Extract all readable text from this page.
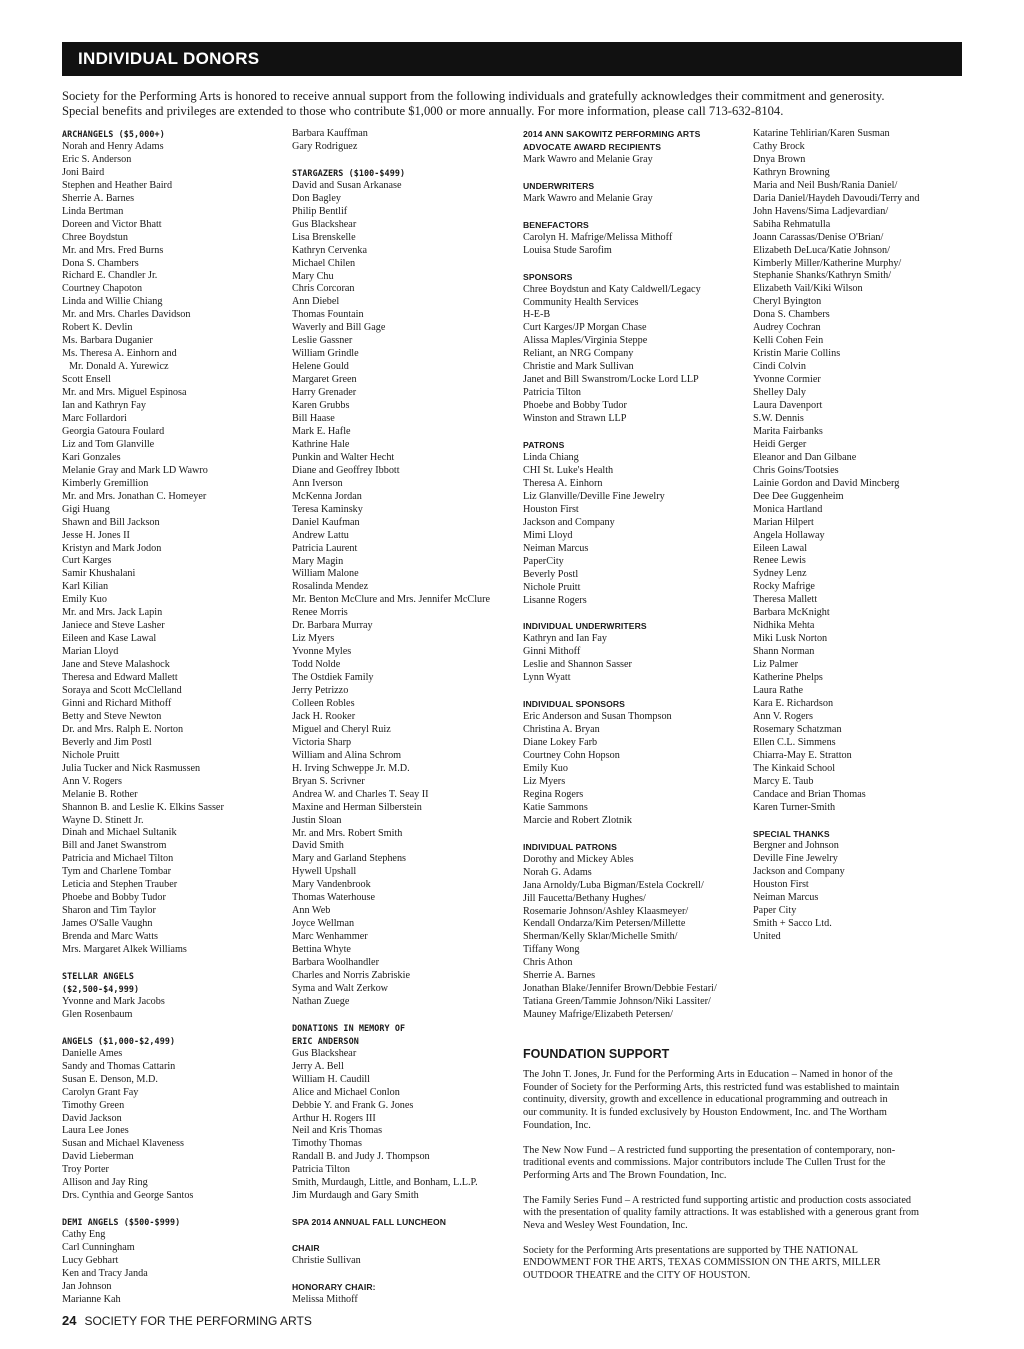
INDIVIDUAL DONORS

Society for the Performing Arts is honored to receive annual support from the following individuals and gratefully acknowledges their commitment and generosity.
Special benefits and privileges are extended to those who contribute $1,000 or more annually. For more information, please call 713-632-8104.

ARCHANGELS ($5,000+)
Norah and Henry Adams
Eric S. Anderson
Joni Baird
Stephen and Heather Baird
Sherrie A. Barnes
Linda Bertman
Doreen and Victor Bhatt
Chree Boydstun
Mr. and Mrs. Fred Burns
Dona S. Chambers
Richard E. Chandler Jr.
Courtney Chapoton
Linda and Willie Chiang
Mr. and Mrs. Charles Davidson
Robert K. Devlin
Ms. Barbara Duganier
Ms. Theresa A. Einhorn and
Mr. Donald A. Yurewicz
Scott Ensell
Mr. and Mrs. Miguel Espinosa
Ian and Kathryn Fay
Marc Follardori
Georgia Gatoura Foulard
Liz and Tom Glanville
Kari Gonzales
Melanie Gray and Mark LD Wawro
Kimberly Gremillion
Mr. and Mrs. Jonathan C. Homeyer
Gigi Huang
Shawn and Bill Jackson
Jesse H. Jones II
Kristyn and Mark Jodon
Curt Karges
Samir Khushalani
Karl Kilian
Emily Kuo
Mr. and Mrs. Jack Lapin
Janiece and Steve Lasher
Eileen and Kase Lawal
Marian Lloyd
Jane and Steve Malashock
Theresa and Edward Mallett
Soraya and Scott McClelland
Ginni and Richard Mithoff
Betty and Steve Newton
Dr. and Mrs. Ralph E. Norton
Beverly and Jim Postl
Nichole Pruitt
Julia Tucker and Nick Rasmussen
Ann V. Rogers
Melanie B. Rother
Shannon B. and Leslie K. Elkins Sasser
Wayne D. Stinett Jr.
Dinah and Michael Sultanik
Bill and Janet Swanstrom
Patricia and Michael Tilton
Tym and Charlene Tombar
Leticia and Stephen Trauber
Phoebe and Bobby Tudor
Sharon and Tim Taylor
James O'Salle Vaughn
Brenda and Marc Watts
Mrs. Margaret Alkek Williams
STELLAR ANGELS
($2,500-$4,999)
Yvonne and Mark Jacobs
Glen Rosenbaum
ANGELS ($1,000-$2,499)
Danielle Ames
Sandy and Thomas Cattarin
Susan E. Denson, M.D.
Carolyn Grant Fay
Timothy Green
David Jackson
Laura Lee Jones
Susan and Michael Klaveness
David Lieberman
Troy Porter
Allison and Jay Ring
Drs. Cynthia and George Santos
DEMI ANGELS ($500-$999)
Cathy Eng
Carl Cunningham
Lucy Gebhart
Ken and Tracy Janda
Jan Johnson
Marianne Kah
Barbara Kauffman
Gary Rodriguez
STARGAZERS ($100-$499)
David and Susan Arkanase
Don Bagley
Philip Bentlif
Gus Blackshear
Lisa Brenskelle
Kathryn Cervenka
Michael Chilen
Mary Chu
Chris Corcoran
Ann Diebel
Thomas Fountain
Waverly and Bill Gage
Leslie Gassner
William Grindle
Helene Gould
Margaret Green
Harry Grenader
Karen Grubbs
Bill Haase
Mark E. Hafle
Kathrine Hale
Punkin and Walter Hecht
Diane and Geoffrey Ibbott
Ann Iverson
McKenna Jordan
Teresa Kaminsky
Daniel Kaufman
Andrew Lattu
Patricia Laurent
Mary Magin
William Malone
Rosalinda Mendez
Mr. Benton McClure and Mrs. Jennifer McClure
Renee Morris
Dr. Barbara Murray
Liz Myers
Yvonne Myles
Todd Nolde
The Ostdiek Family
Jerry Petrizzo
Colleen Robles
Jack H. Rooker
Miguel and Cheryl Ruiz
Victoria Sharp
William and Alina Schrom
H. Irving Schweppe Jr. M.D.
Bryan S. Scrivner
Andrea W. and Charles T. Seay II
Maxine and Herman Silberstein
Justin Sloan
Mr. and Mrs. Robert Smith
David Smith
Mary and Garland Stephens
Hywell Upshall
Mary Vandenbrook
Thomas Waterhouse
Ann Web
Joyce Wellman
Marc Wenhammer
Bettina Whyte
Barbara Woolhandler
Charles and Norris Zabriskie
Syma and Walt Zerkow
Nathan Zuege
DONATIONS IN MEMORY OF
ERIC ANDERSON
Gus Blackshear
Jerry A. Bell
William H. Caudill
Alice and Michael Conlon
Debbie Y. and Frank G. Jones
Arthur H. Rogers III
Neil and Kris Thomas
Timothy Thomas
Randall B. and Judy J. Thompson
Patricia Tilton
Smith, Murdaugh, Little, and Bonham, L.L.P.
Jim Murdaugh and Gary Smith
SPA 2014 ANNUAL FALL LUNCHEON
CHAIR
Christie Sullivan
HONORARY CHAIR:
Melissa Mithoff
2014 ANN SAKOWITZ PERFORMING ARTS
ADVOCATE AWARD RECIPIENTS
Mark Wawro and Melanie Gray
UNDERWRITERS
Mark Wawro and Melanie Gray
BENEFACTORS
Carolyn H. Mafrige/Melissa Mithoff
Louisa Stude Sarofim
SPONSORS
Chree Boydstun and Katy Caldwell/Legacy
Community Health Services
H-E-B
Curt Karges/JP Morgan Chase
Alissa Maples/Virginia Steppe
Reliant, an NRG Company
Christie and Mark Sullivan
Janet and Bill Swanstrom/Locke Lord LLP
Patricia Tilton
Phoebe and Bobby Tudor
Winston and Strawn LLP
PATRONS
Linda Chiang
CHI St. Luke's Health
Theresa A. Einhorn
Liz Glanville/Deville Fine Jewelry
Houston First
Jackson and Company
Mimi Lloyd
Neiman Marcus
PaperCity
Beverly Postl
Nichole Pruitt
Lisanne Rogers
INDIVIDUAL UNDERWRITERS
Kathryn and Ian Fay
Ginni Mithoff
Leslie and Shannon Sasser
Lynn Wyatt
INDIVIDUAL SPONSORS
Eric Anderson and Susan Thompson
Christina A. Bryan
Diane Lokey Farb
Courtney Cohn Hopson
Emily Kuo
Liz Myers
Regina Rogers
Katie Sammons
Marcie and Robert Zlotnik
INDIVIDUAL PATRONS
Dorothy and Mickey Ables
Norah G. Adams
Jana Arnoldy/Luba Bigman/Estela Cockrell/
Jill Faucetta/Bethany Hughes/
Rosemarie Johnson/Ashley Klaasmeyer/
Kendall Ondarza/Kim Petersen/Millette
Sherman/Kelly Sklar/Michelle Smith/
Tiffany Wong
Chris Athon
Sherrie A. Barnes
Jonathan Blake/Jennifer Brown/Debbie Festari/
Tatiana Green/Tammie Johnson/Niki Lassiter/
Mauney Mafrige/Elizabeth Petersen/
Katarine Tehlirian/Karen Susman
Cathy Brock
Dnya Brown
Kathryn Browning
Maria and Neil Bush/Rania Daniel/
Daria Daniel/Haydeh Davoudi/Terry and
John Havens/Sima Ladjevardian/
Sabiha Rehmatulla
Joann Carassas/Denise O'Brian/
Elizabeth DeLuca/Katie Johnson/
Kimberly Miller/Katherine Murphy/
Stephanie Shanks/Kathryn Smith/
Elizabeth Vail/Kiki Wilson
Cheryl Byington
Dona S. Chambers
Audrey Cochran
Kelli Cohen Fein
Kristin Marie Collins
Cindi Colvin
Yvonne Cormier
Shelley Daly
Laura Davenport
S.W. Dennis
Marita Fairbanks
Heidi Gerger
Eleanor and Dan Gilbane
Chris Goins/Tootsies
Lainie Gordon and David Mincberg
Dee Dee Guggenheim
Monica Hartland
Marian Hilpert
Angela Hollaway
Eileen Lawal
Renee Lewis
Sydney Lenz
Rocky Mafrige
Theresa Mallett
Barbara McKnight
Nidhika Mehta
Miki Lusk Norton
Shann Norman
Liz Palmer
Katherine Phelps
Laura Rathe
Kara E. Richardson
Ann V. Rogers
Rosemary Schatzman
Ellen C.L. Simmens
Chiarra-May E. Stratton
The Kinkaid School
Marcy E. Taub
Candace and Brian Thomas
Karen Turner-Smith
SPECIAL THANKS
Bergner and Johnson
Deville Fine Jewelry
Jackson and Company
Houston First
Neiman Marcus
Paper City
Smith + Sacco Ltd.
United
FOUNDATION SUPPORT
The John T. Jones, Jr. Fund for the Performing Arts in Education – Named in honor of the
Founder of Society for the Performing Arts, this restricted fund was established to maintain
continuity, diversity, growth and excellence in educational programming and outreach in
our community. It is funded exclusively by Houston Endowment, Inc. and The Wortham
Foundation, Inc.
The New Now Fund – A restricted fund supporting the presentation of contemporary, non-
traditional events and commissions. Major contributors include The Cullen Trust for the
Performing Arts and The Brown Foundation, Inc.
The Family Series Fund – A restricted fund supporting artistic and production costs associated
with the presentation of quality family attractions. It was established with a generous grant from
Neva and Wesley West Foundation, Inc.
Society for the Performing Arts presentations are supported by THE NATIONAL
ENDOWMENT FOR THE ARTS, TEXAS COMMISSION ON THE ARTS, MILLER
OUTDOOR THEATRE and the CITY OF HOUSTON.
24 SOCIETY FOR THE PERFORMING ARTS
